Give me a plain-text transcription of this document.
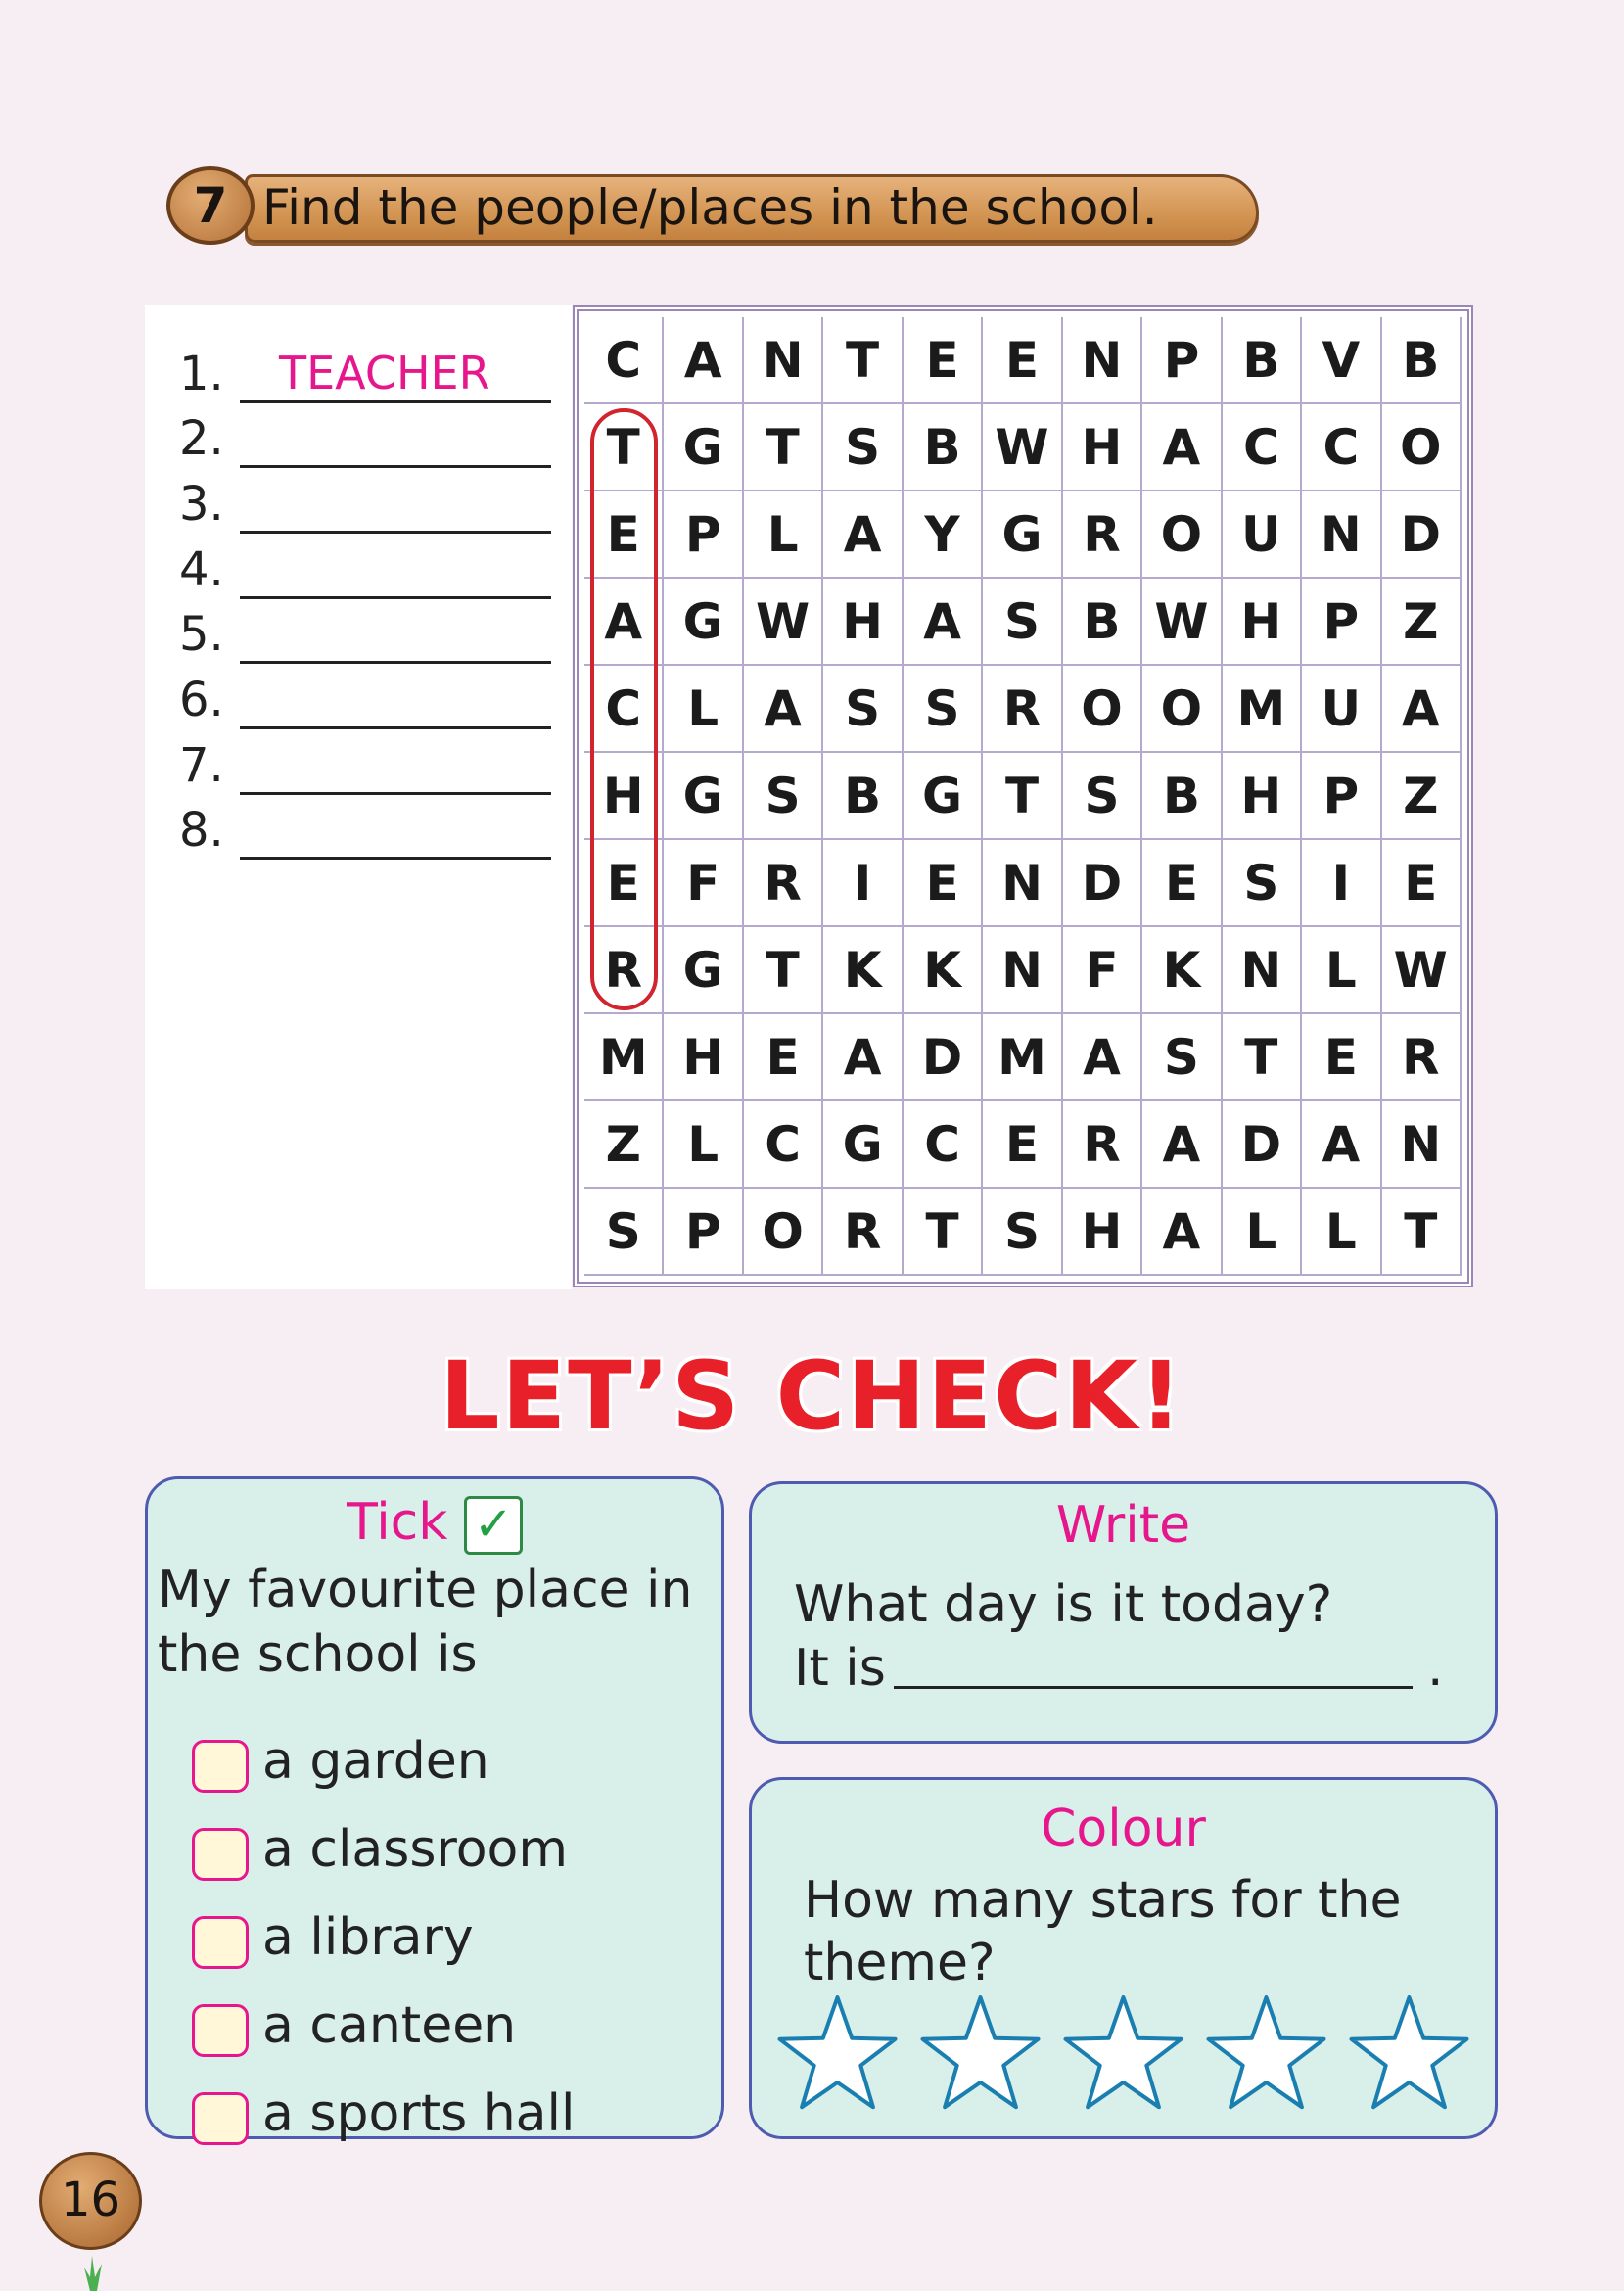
Find the people/places in the school.
7
1. TEACHER
2.
3.
4.
5.
6.
7.
8.
C A N T E E N P B V B
T G T S B W H A C C O
E P L A Y G R O U N D
A G W H A S B W H P Z
C L A S S R O O M U A
H G S B G T S B H P Z
E F R	I	E N D E S	I	E
R G T K K N F K N L W
M H E A D M A S T E R
Z L C G C E R A D A N
S P O R T S H A L L T
LET’S CHECK!
Tick ✓
My favourite place in
the school is
a garden
a classroom
a library
a canteen
a sports hall
Write
What day is it today?
It is	.
Colour
How many stars for the
theme?
16
